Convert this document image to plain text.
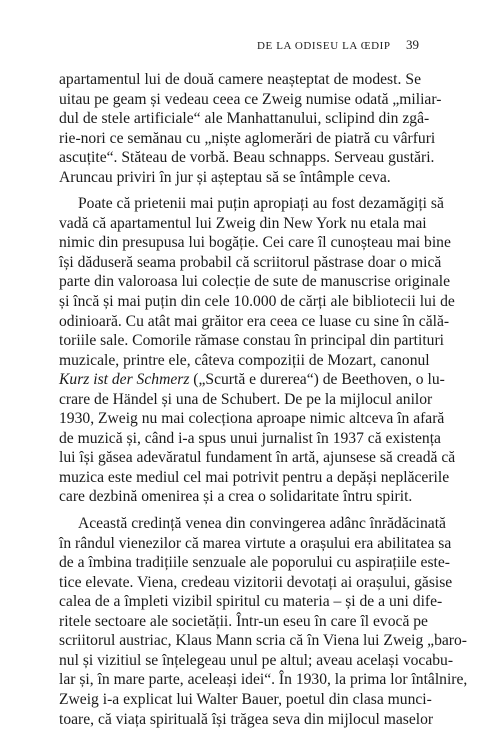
DE LA ODISEU LA ŒDIP 39
apartamentul lui de două camere neașteptat de modest. Se
uitau pe geam și vedeau ceea ce Zweig numise odată „miliar-
dul de stele artificiale“ ale Manhattanului, sclipind din zgâ-
rie-nori ce semănau cu „niște aglomerări de piatră cu vârfuri
ascuțite“. Stăteau de vorbă. Beau schnapps. Serveau gustări.
Aruncau priviri în jur și așteptau să se întâmple ceva.
Poate că prietenii mai puțin apropiați au fost dezamăgiți să
vadă că apartamentul lui Zweig din New York nu etala mai
nimic din presupusa lui bogăție. Cei care îl cunoșteau mai bine
își dăduseră seama probabil că scriitorul păstrase doar o mică
parte din valoroasa lui colecție de sute de manuscrise originale
și încă și mai puțin din cele 10.000 de cărți ale bibliotecii lui de
odinioară. Cu atât mai grăitor era ceea ce luase cu sine în călă-
toriile sale. Comorile rămase constau în principal din partituri
muzicale, printre ele, câteva compoziții de Mozart, canonul
Kurz ist der Schmerz („Scurtă e durerea“) de Beethoven, o lu-
crare de Händel și una de Schubert. De pe la mijlocul anilor
1930, Zweig nu mai colecționa aproape nimic altceva în afară
de muzică și, când i-a spus unui jurnalist în 1937 că existența
lui își găsea adevăratul fundament în artă, ajunsese să creadă că
muzica este mediul cel mai potrivit pentru a depăși neplăcerile
care dezbină omenirea și a crea o solidaritate întru spirit.
Această credință venea din convingerea adânc înrădăcinată
în rândul vienezilor că marea virtute a orașului era abilitatea sa
de a îmbina tradițiile senzuale ale poporului cu aspirațiile este-
tice elevate. Viena, credeau vizitorii devotați ai orașului, găsise
calea de a împleti vizibil spiritul cu materia – și de a uni dife-
ritele sectoare ale societății. Într-un eseu în care îl evocă pe
scriitorul austriac, Klaus Mann scria că în Viena lui Zweig „baro-
nul și vizitiul se înțelegeau unul pe altul; aveau același vocabu-
lar și, în mare parte, aceleași idei“. În 1930, la prima lor întâlnire,
Zweig i-a explicat lui Walter Bauer, poetul din clasa munci-
toare, că viața spirituală își trăgea seva din mijlocul maselor
